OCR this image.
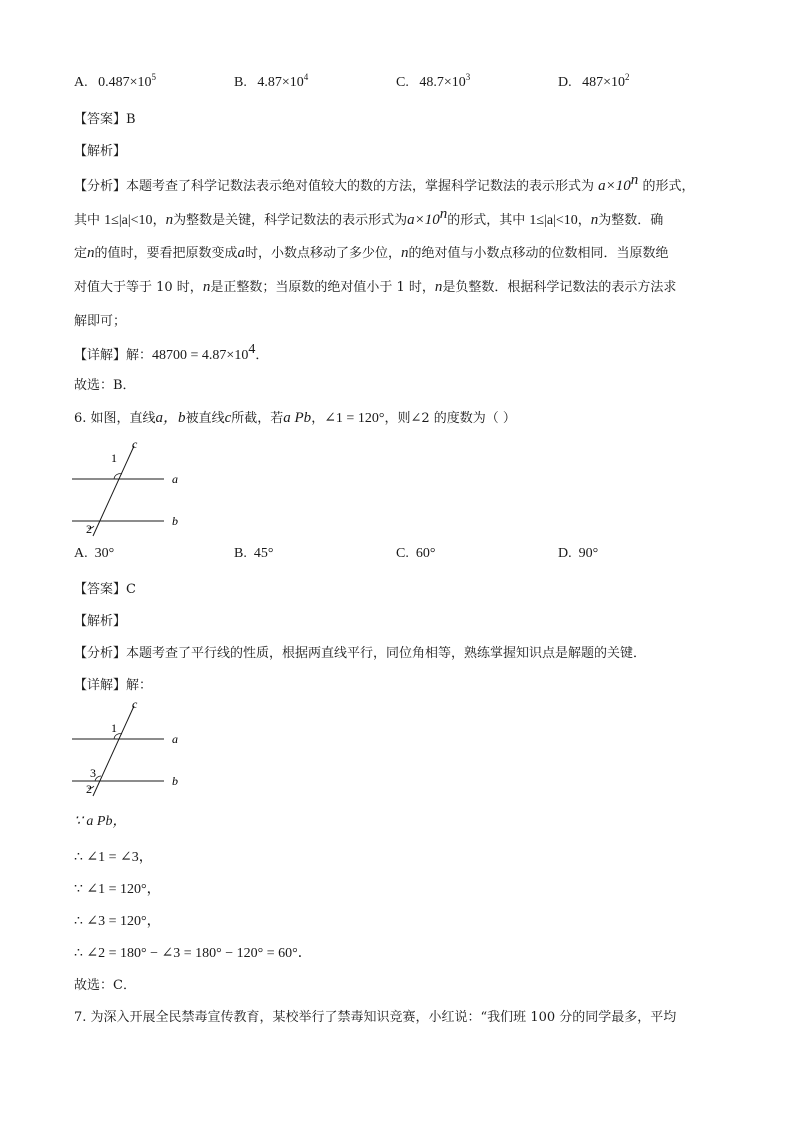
A. $0.487\times 10^5$	B. $4.87\times 10^4$	C. $48.7\times 10^3$	D. $487\times 10^2$
【答案】B
【解析】
【分析】本题考查了科学记数法表示绝对值较大的数的方法，掌握科学记数法的表示形式为 $a\times 10^n$ 的形式，
其中 1≤|a|<10，n为整数是关键，科学记数法的表示形式为$a\times 10^n$的形式，其中 1≤|a|<10，n为整数．确
定n的值时，要看把原数变成a时，小数点移动了多少位，n的绝对值与小数点移动的位数相同．当原数绝
对值大于等于 10 时，n是正整数；当原数的绝对值小于 1 时，n是负整数．根据科学记数法的表示方法求
解即可；
【详解】解：$48700 = 4.87\times 10^4$．
故选：B．
6. 如图，直线a，b被直线c所截，若a Pb，∠1 = 120°，则∠2 的度数为（ ）
c
1
a
2
b
A. 30°	B. 45°	C. 60°	D. 90°
【答案】C
【解析】
【分析】本题考查了平行线的性质，根据两直线平行，同位角相等，熟练掌握知识点是解题的关键．
【详解】解：
c
1
a
3
2
b
∵ a Pb，
∴ ∠1 = ∠3，
∵ ∠1 = 120°，
∴ ∠3 = 120°，
∴ ∠2 = 180° − ∠3 = 180° − 120° = 60°．
故选：C．
7. 为深入开展全民禁毒宣传教育，某校举行了禁毒知识竞赛，小红说：“我们班 100 分的同学最多，平均
